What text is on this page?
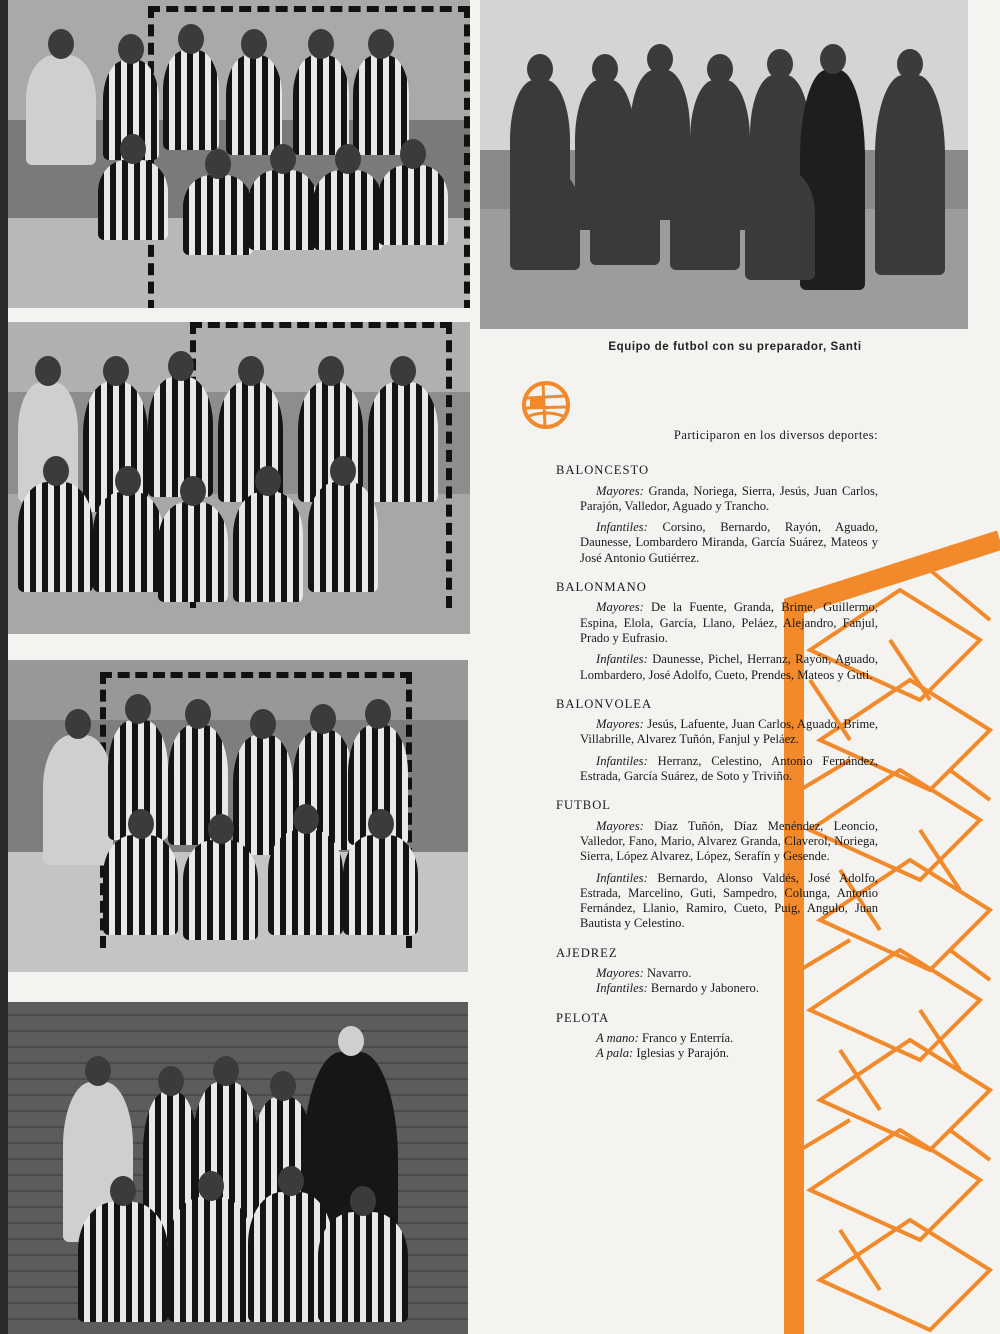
Equipo de futbol con su preparador, Santi

Participaron en los diversos deportes:

BALONCESTO

Mayores: Granda, Noriega, Sierra, Jesús, Juan Carlos, Parajón, Valledor, Aguado y Trancho.

Infantiles: Corsino, Bernardo, Rayón, Aguado, Daunesse, Lombardero Miranda, García Suárez, Mateos y José Antonio Gutiérrez.

BALONMANO

Mayores: De la Fuente, Granda, Brime, Guillermo, Espina, Elola, García, Llano, Peláez, Alejandro, Fanjul, Prado y Eufrasio.

Infantiles: Daunesse, Pichel, Herranz, Rayón, Aguado, Lombardero, José Adolfo, Cueto, Prendes, Mateos y Guti.

BALONVOLEA

Mayores: Jesús, Lafuente, Juan Carlos, Aguado, Brime, Villabrille, Alvarez Tuñón, Fanjul y Peláez.

Infantiles: Herranz, Celestino, Antonio Fernández, Estrada, García Suárez, de Soto y Triviño.

FUTBOL

Mayores: Díaz Tuñón, Díaz Menéndez, Leoncio, Valledor, Fano, Mario, Alvarez Granda, Claverol, Noriega, Sierra, López Alvarez, López, Serafín y Gesende.

Infantiles: Bernardo, Alonso Valdés, José Adolfo, Estrada, Marcelino, Guti, Sampedro, Colunga, Antonio Fernández, Llanio, Ramiro, Cueto, Puig, Angulo, Juan Bautista y Celestino.

AJEDREZ

Mayores: Navarro.

Infantiles: Bernardo y Jabonero.

PELOTA

A mano: Franco y Enterría.

A pala: Iglesias y Parajón.
